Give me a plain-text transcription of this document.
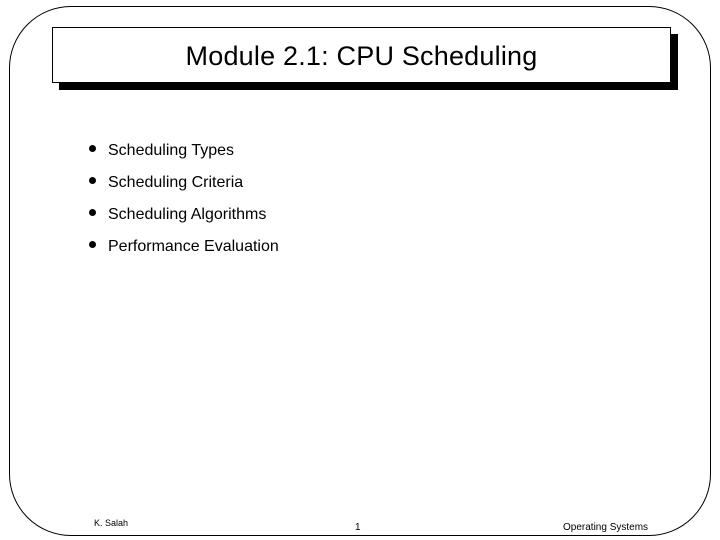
Module 2.1: CPU Scheduling
Scheduling Types
Scheduling Criteria
Scheduling Algorithms
Performance Evaluation
K. Salah	1	Operating Systems
